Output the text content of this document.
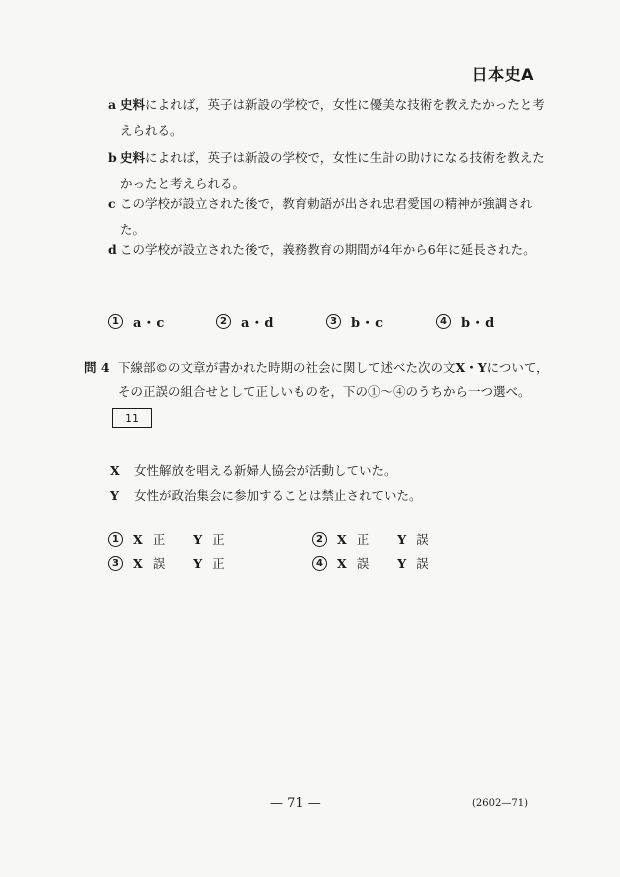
日本史A
a 史料によれば，英子は新設の学校で，女性に優美な技術を教えたかったと考えられる。
b 史料によれば，英子は新設の学校で，女性に生計の助けになる技術を教えたかったと考えられる。
c この学校が設立された後で，教育勅語が出され忠君愛国の精神が強調された。
d この学校が設立された後で，義務教育の期間が4年から6年に延長された。
1	a・c	2	a・d	3	b・c	4	b・d
問 4 下線部©の文章が書かれた時期の社会に関して述べた次の文X・Yについて，その正誤の組合せとして正しいものを，下の①～④のうちから一つ選べ。
11
X 女性解放を唱える新婦人協会が活動していた。
Y 女性が政治集会に参加することは禁止されていた。
1	X 正 Y 正	2	X 正 Y 誤
3	X 誤 Y 正	4	X 誤 Y 誤
— 71 —	(2602—71)
